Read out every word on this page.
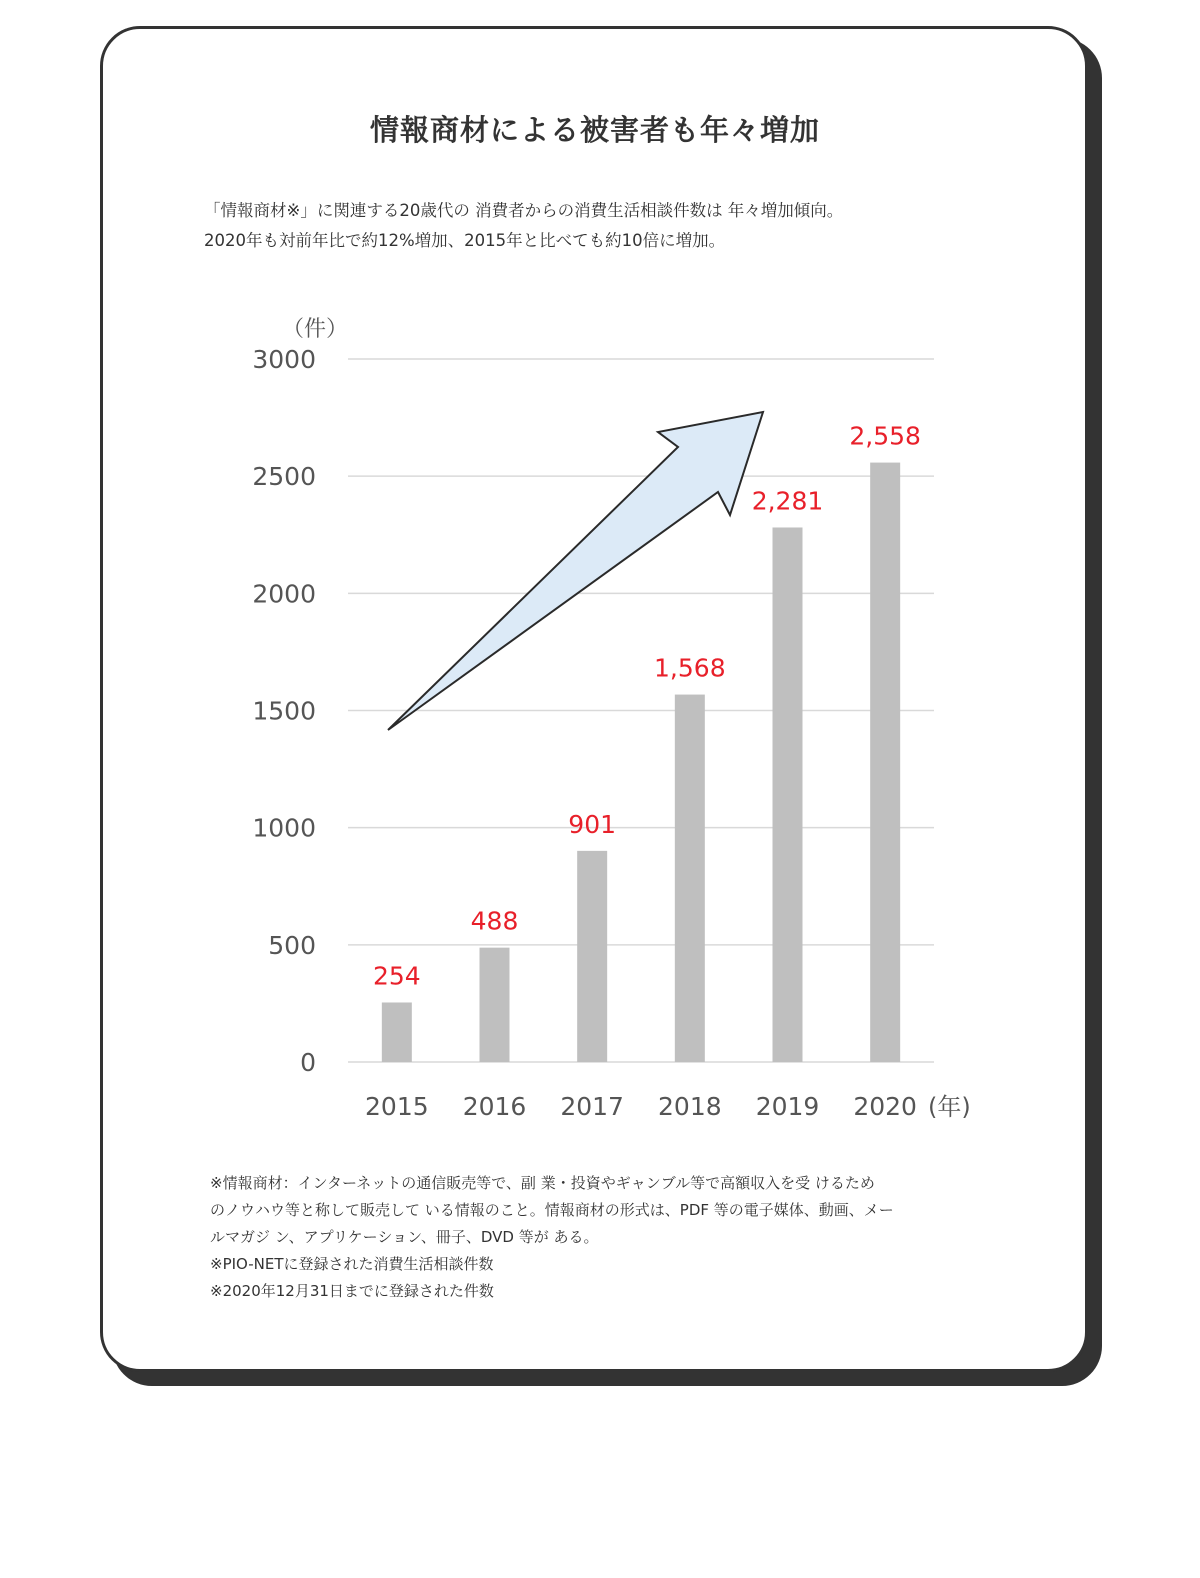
情報商材による被害者も年々増加
「情報商材※」に関連する20歳代の 消費者からの消費生活相談件数は 年々増加傾向。
2020年も対前年比で約12%増加、2015年と比べても約10倍に増加。
0
500
1000
1500
2000
2500
3000
254
488
901
1,568
2,281
2,558
2015 2016 2017 2018 2019 2020
（件）
(年)
※情報商材：インターネットの通信販売等で、副 業・投資やギャンブル等で高額収入を受 けるため
のノウハウ等と称して販売して いる情報のこと。情報商材の形式は、PDF 等の電子媒体、動画、メー
ルマガジ ン、アプリケーション、冊子、DVD 等が ある。
※PIO-NETに登録された消費生活相談件数
※2020年12月31日までに登録された件数
